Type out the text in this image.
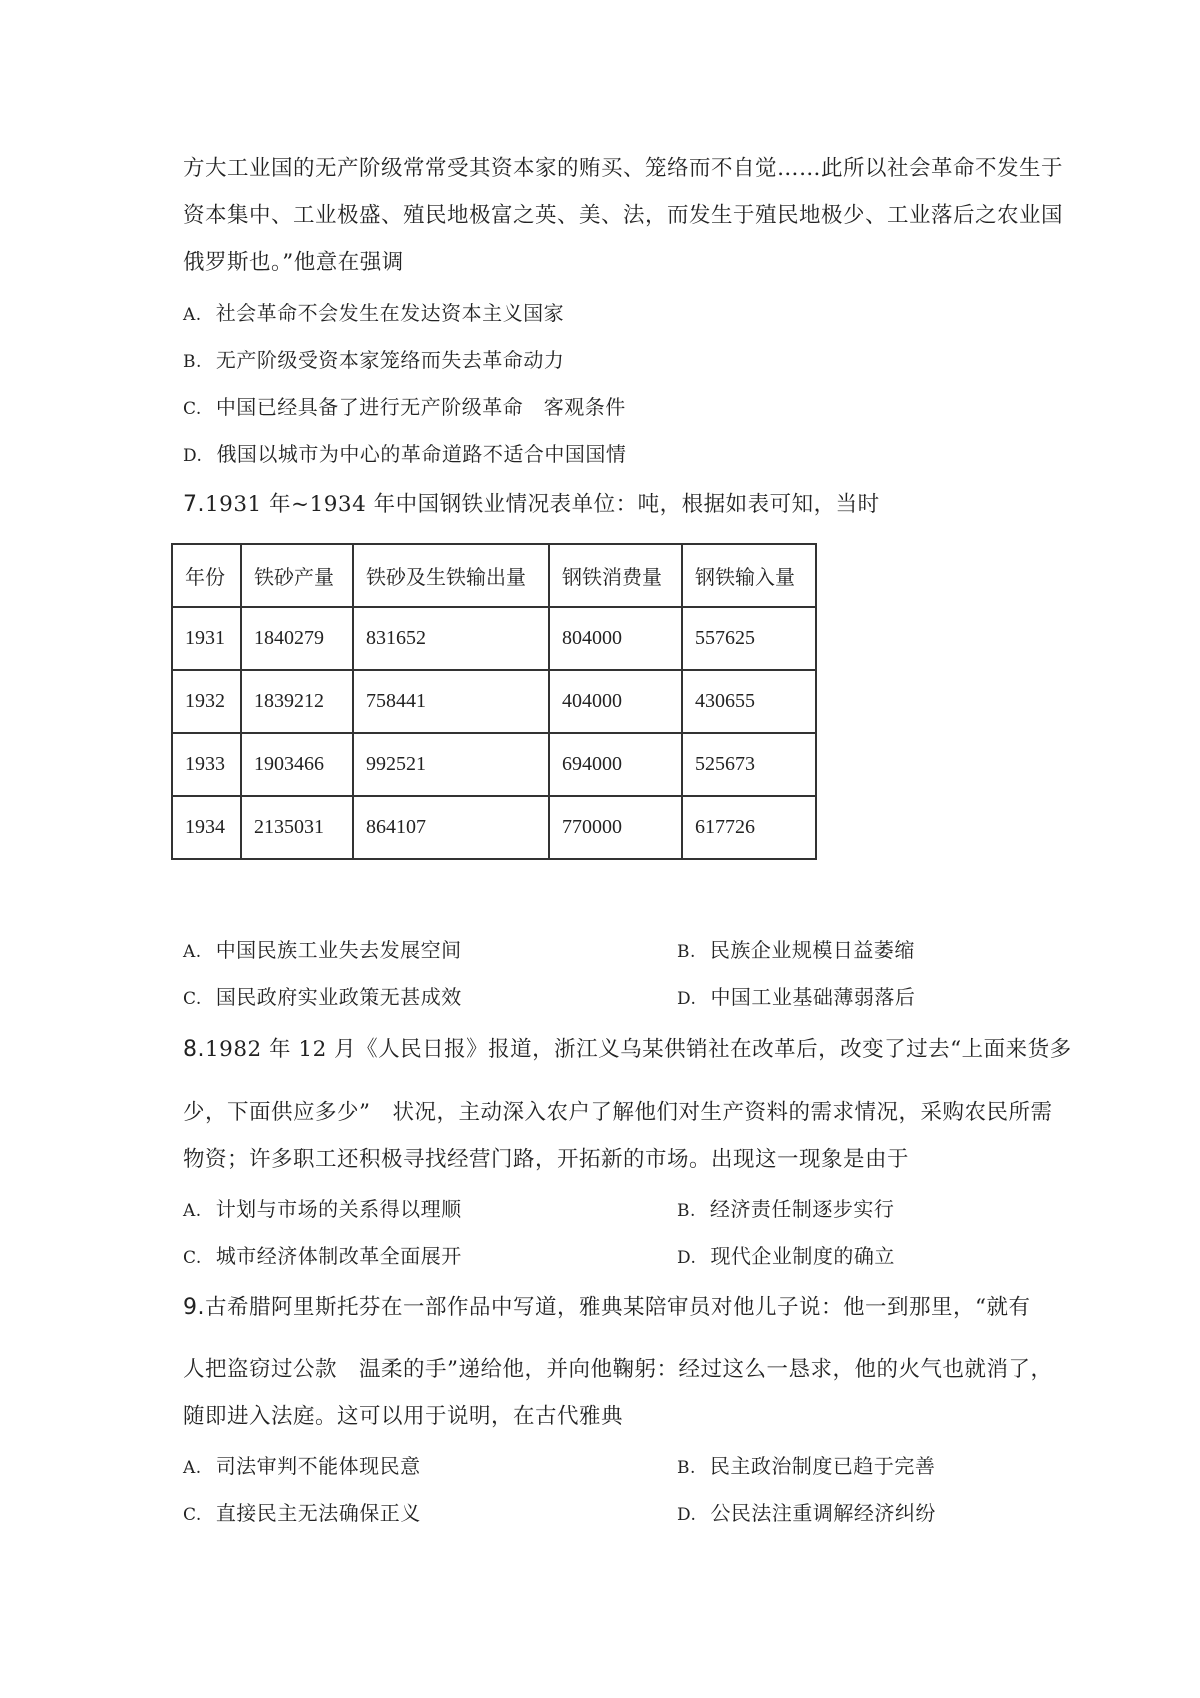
方大工业国的无产阶级常常受其资本家的贿买、笼络而不自觉……此所以社会革命不发生于
资本集中、工业极盛、殖民地极富之英、美、法，而发生于殖民地极少、工业落后之农业国
俄罗斯也。”他意在强调
A. 社会革命不会发生在发达资本主义国家
B. 无产阶级受资本家笼络而失去革命动力
C. 中国已经具备了进行无产阶级革命　客观条件
D. 俄国以城市为中心的革命道路不适合中国国情
7.1931 年~1934 年中国钢铁业情况表单位：吨，根据如表可知，当时
年份	铁砂产量	铁砂及生铁输出量	钢铁消费量	钢铁输入量
1931	1840279	831652	804000	557625
1932	1839212	758441	404000	430655
1933	1903466	992521	694000	525673
1934	2135031	864107	770000	617726
A. 中国民族工业失去发展空间	B. 民族企业规模日益萎缩
C. 国民政府实业政策无甚成效	D. 中国工业基础薄弱落后
8.1982 年 12 月《人民日报》报道，浙江义乌某供销社在改革后，改变了过去“上面来货多
少，下面供应多少”　状况，主动深入农户了解他们对生产资料的需求情况，采购农民所需
物资；许多职工还积极寻找经营门路，开拓新的市场。出现这一现象是由于
A. 计划与市场的关系得以理顺	B. 经济责任制逐步实行
C. 城市经济体制改革全面展开	D. 现代企业制度的确立
9.古希腊阿里斯托芬在一部作品中写道，雅典某陪审员对他儿子说：他一到那里，“就有
人把盗窃过公款　温柔的手”递给他，并向他鞠躬：经过这么一恳求，他的火气也就消了，
随即进入法庭。这可以用于说明，在古代雅典
A. 司法审判不能体现民意	B. 民主政治制度已趋于完善
C. 直接民主无法确保正义	D. 公民法注重调解经济纠纷
